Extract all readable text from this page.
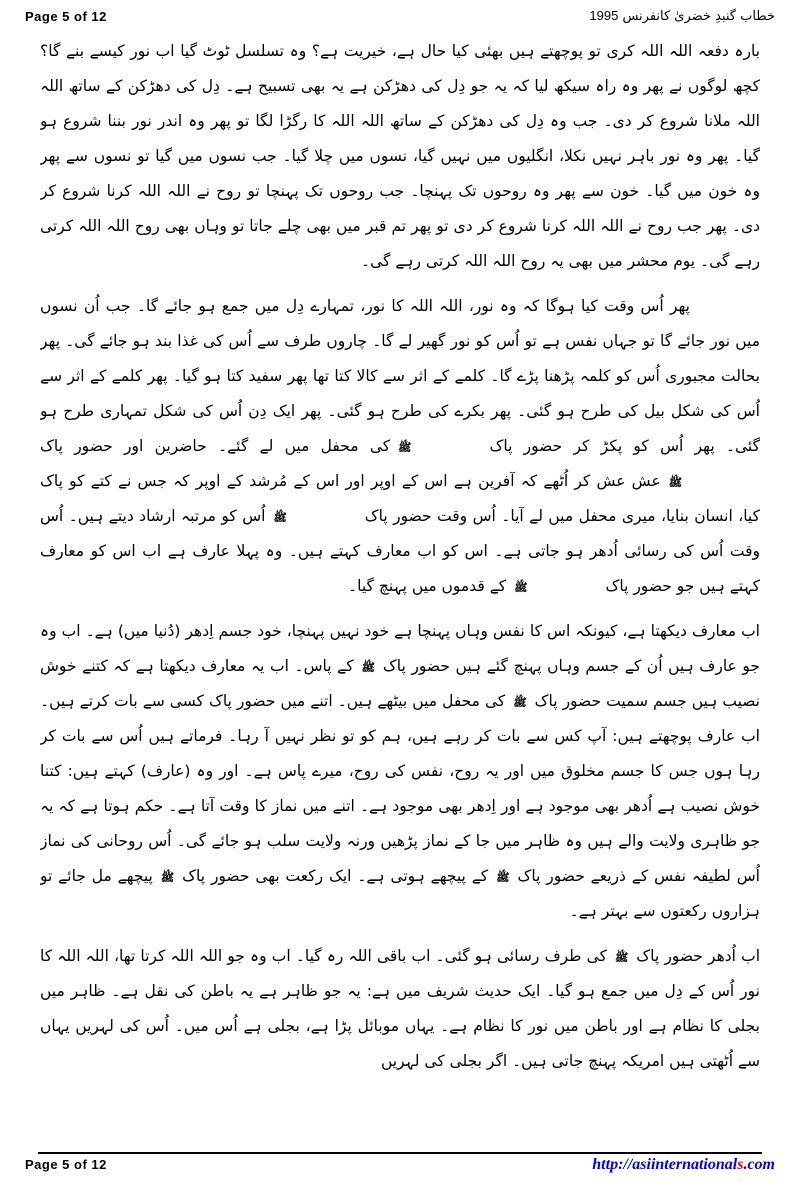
Page 5 of 12	خطاب گنبدِ خضریٰ کانفرنس 1995

بارہ دفعہ اللہ اللہ کری تو پوچھتے ہیں بھئی کیا حال ہے، خیریت ہے؟ وہ تسلسل ٹوٹ گیا اب نور کیسے بنے گا؟ کچھ لوگوں نے پھر وہ راہ سیکھ لیا کہ یہ جو دِل کی دھڑکن ہے یہ بھی تسبیح ہے۔ دِل کی دھڑکن کے ساتھ اللہ اللہ ملانا شروع کر دی۔ جب وہ دِل کی دھڑکن کے ساتھ اللہ اللہ کا رگڑا لگا تو پھر وہ اندر نور بننا شروع ہو گیا۔ پھر وہ نور باہر نہیں نکلا، انگلیوں میں نہیں گیا، نسوں میں چلا گیا۔ جب نسوں میں گیا تو نسوں سے پھر وہ خون میں گیا۔ خون سے پھر وہ روحوں تک پہنچا۔ جب روحوں تک پہنچا تو روح نے اللہ اللہ کرنا شروع کر دی۔ پھر جب روح نے اللہ اللہ کرنا شروع کر دی تو پھر تم قبر میں بھی چلے جاتا تو وہاں بھی روح اللہ اللہ کرتی رہے گی۔ یوم محشر میں بھی یہ روح اللہ اللہ کرتی رہے گی۔

پھر اُس وقت کیا ہوگا کہ وہ نور، اللہ اللہ کا نور، تمہارے دِل میں جمع ہو جائے گا۔ جب اُن نسوں میں نور جائے گا تو جہاں نفس ہے تو اُس کو نور گھیر لے گا۔ چاروں طرف سے اُس کی غذا بند ہو جائے گی۔ پھر بحالت مجبوری اُس کو کلمہ پڑھنا پڑے گا۔ کلمے کے اثر سے کالا کتا تھا پھر سفید کتا ہو گیا۔ پھر کلمے کے اثر سے اُس کی شکل بیل کی طرح ہو گئی۔ پھر بکرے کی طرح ہو گئی۔ پھر ایک دِن اُس کی شکل تمہاری طرح ہو گئی۔ پھر اُس کو پکڑ کر حضور پاکﷺکی محفل میں لے گئے۔ حاضرین اور حضور پاکﷺعش عش کر اُٹھے کہ آفرین ہے اس کے اوپر اور اس کے مُرشد کے اوپر کہ جس نے کتے کو پاک کیا، انسان بنایا، میری محفل میں لے آیا۔ اُس وقت حضور پاکﷺاُس کو مرتبہ ارشاد دیتے ہیں۔ اُس وقت اُس کی رسائی اُدھر ہو جاتی ہے۔ اس کو اب معارف کہتے ہیں۔ وہ پہلا عارف ہے اب اس کو معارف کہتے ہیں جو حضور پاکﷺکے قدموں میں پہنچ گیا۔

اب معارف دیکھتا ہے، کیونکہ اس کا نفس وہاں پہنچا ہے خود نہیں پہنچا، خود جسم اِدھر (دُنیا میں) ہے۔ اب وہ جو عارف ہیں اُن کے جسم وہاں پہنچ گئے ہیں حضور پاکﷺکے پاس۔ اب یہ معارف دیکھتا ہے کہ کتنے خوش نصیب ہیں جسم سمیت حضور پاکﷺکی محفل میں بیٹھے ہیں۔ اتنے میں حضور پاک کسی سے بات کرتے ہیں۔ اب عارف پوچھتے ہیں: آپ کس سے بات کر رہے ہیں، ہم کو تو نظر نہیں آ رہا۔ فرماتے ہیں اُس سے بات کر رہا ہوں جس کا جسم مخلوق میں اور یہ روح، نفس کی روح، میرے پاس ہے۔ اور وہ (عارف) کہتے ہیں: کتنا خوش نصیب ہے اُدھر بھی موجود ہے اور اِدھر بھی موجود ہے۔ اتنے میں نماز کا وقت آتا ہے۔ حکم ہوتا ہے کہ یہ جو ظاہری ولایت والے ہیں وہ ظاہر میں جا کے نماز پڑھیں ورنہ ولایت سلب ہو جائے گی۔ اُس روحانی کی نماز اُس لطیفہ نفس کے ذریعے حضور پاکﷺکے پیچھے ہوتی ہے۔ ایک رکعت بھی حضور پاکﷺپیچھے مل جائے تو ہزاروں رکعتوں سے بہتر ہے۔

اب اُدھر حضور پاکﷺکی طرف رسائی ہو گئی۔ اب باقی اللہ رہ گیا۔ اب وہ جو اللہ اللہ کرتا تھا، اللہ اللہ کا نور اُس کے دِل میں جمع ہو گیا۔ ایک حدیث شریف میں ہے: یہ جو ظاہر ہے یہ باطن کی نقل ہے۔ ظاہر میں بجلی کا نظام ہے اور باطن میں نور کا نظام ہے۔ یہاں موبائل پڑا ہے، بجلی ہے اُس میں۔ اُس کی لہریں یہاں سے اُٹھتی ہیں امریکہ پہنچ جاتی ہیں۔ اگر بجلی کی لہریں

Page 5 of 12	http://asiinternationals.com
